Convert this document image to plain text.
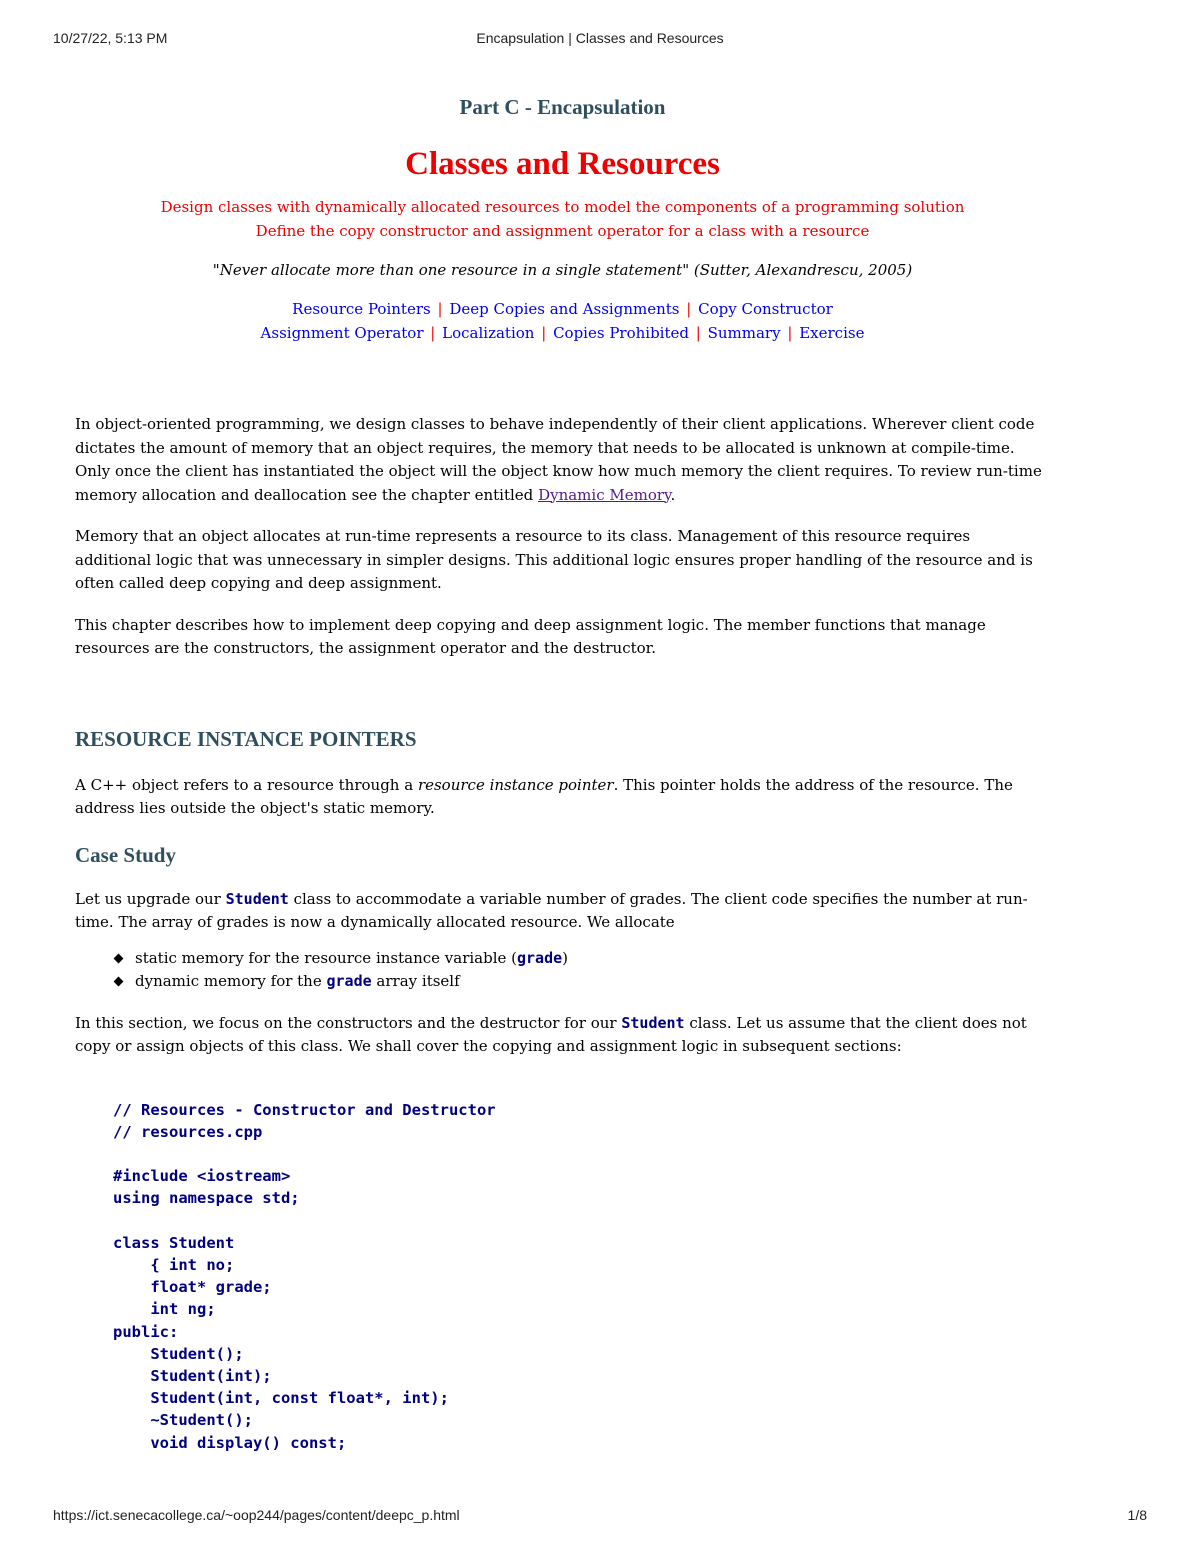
10/27/22, 5:13 PM	Encapsulation | Classes and Resources
Part C - Encapsulation
Classes and Resources
Design classes with dynamically allocated resources to model the components of a programming solution
Define the copy constructor and assignment operator for a class with a resource
"Never allocate more than one resource in a single statement" (Sutter, Alexandrescu, 2005)
Resource Pointers | Deep Copies and Assignments | Copy Constructor
Assignment Operator | Localization | Copies Prohibited | Summary | Exercise

In object-oriented programming, we design classes to behave independently of their client applications. Wherever client code dictates the amount of memory that an object requires, the memory that needs to be allocated is unknown at compile-time. Only once the client has instantiated the object will the object know how much memory the client requires. To review run-time memory allocation and deallocation see the chapter entitled Dynamic Memory.

Memory that an object allocates at run-time represents a resource to its class. Management of this resource requires additional logic that was unnecessary in simpler designs. This additional logic ensures proper handling of the resource and is often called deep copying and deep assignment.

This chapter describes how to implement deep copying and deep assignment logic. The member functions that manage resources are the constructors, the assignment operator and the destructor.

RESOURCE INSTANCE POINTERS

A C++ object refers to a resource through a resource instance pointer. This pointer holds the address of the resource. The address lies outside the object's static memory.

Case Study

Let us upgrade our Student class to accommodate a variable number of grades. The client code specifies the number at run-time. The array of grades is now a dynamically allocated resource. We allocate

static memory for the resource instance variable (grade)
dynamic memory for the grade array itself

In this section, we focus on the constructors and the destructor for our Student class. Let us assume that the client does not copy or assign objects of this class. We shall cover the copying and assignment logic in subsequent sections:

// Resources - Constructor and Destructor
// resources.cpp
#include <iostream>
using namespace std;
class Student
{ int no;
float* grade;
int ng;
public:
Student();
Student(int);
Student(int, const float*, int);
~Student();
void display() const;
https://ict.senecacollege.ca/~oop244/pages/content/deepc_p.html	1/8
